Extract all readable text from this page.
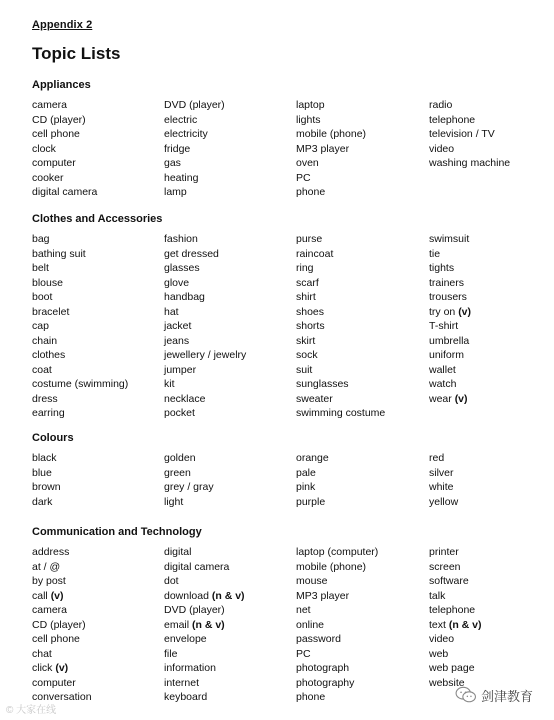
Appendix 2
Topic Lists
Appliances
camera
CD (player)
cell phone
clock
computer
cooker
digital camera
DVD (player)
electric
electricity
fridge
gas
heating
lamp
laptop
lights
mobile (phone)
MP3 player
oven
PC
phone
radio
telephone
television / TV
video
washing machine
Clothes and Accessories
bag
bathing suit
belt
blouse
boot
bracelet
cap
chain
clothes
coat
costume (swimming)
dress
earring
fashion
get dressed
glasses
glove
handbag
hat
jacket
jeans
jewellery / jewelry
jumper
kit
necklace
pocket
purse
raincoat
ring
scarf
shirt
shoes
shorts
skirt
sock
suit
sunglasses
sweater
swimming costume
swimsuit
tie
tights
trainers
trousers
try on (v)
T-shirt
umbrella
uniform
wallet
watch
wear (v)
Colours
black
blue
brown
dark
golden
green
grey / gray
light
orange
pale
pink
purple
red
silver
white
yellow
Communication and Technology
address
at / @
by post
call (v)
camera
CD (player)
cell phone
chat
click (v)
computer
conversation
digital
digital camera
dot
download (n & v)
DVD (player)
email (n & v)
envelope
file
information
internet
keyboard
laptop (computer)
mobile (phone)
mouse
MP3 player
net
online
password
PC
photograph
photography
phone
printer
screen
software
talk
telephone
text (n & v)
video
web
web page
website
© 大家在线
剑津教育
